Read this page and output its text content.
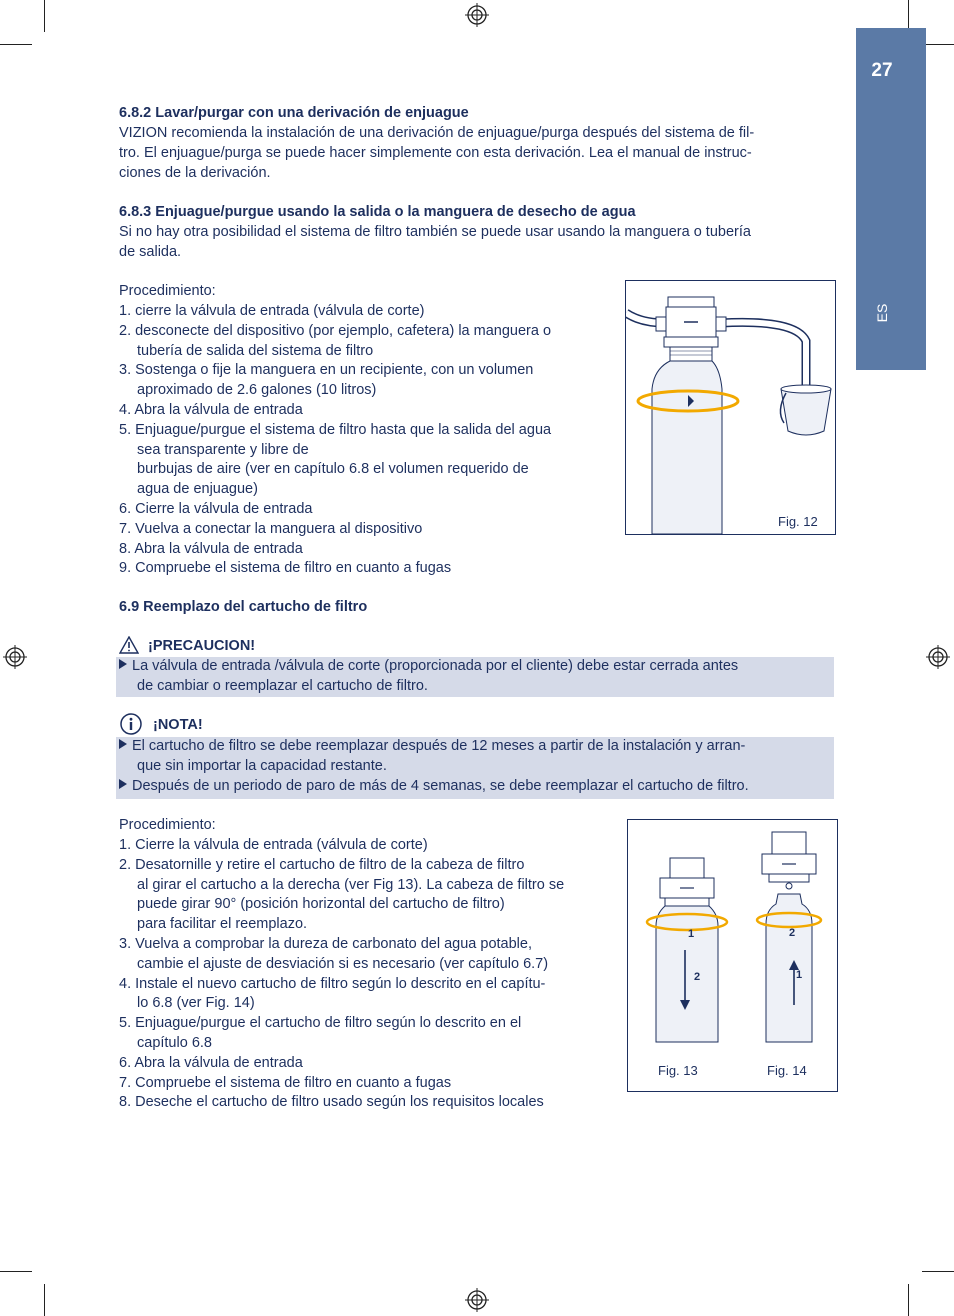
27
ES
6.8.2 Lavar/purgar con una derivación de enjuague
VIZION recomienda la instalación de una derivación de enjuague/purga después del sistema de fil-
tro. El enjuague/purga se puede hacer simplemente con esta derivación. Lea el manual de instruc-
ciones de la derivación.
6.8.3 Enjuague/purgue usando la salida o la manguera de desecho de agua
Si no hay otra posibilidad el sistema de filtro también se puede usar usando la manguera o tubería
de salida.
Procedimiento:
1. cierre la válvula de entrada (válvula de corte)
2. desconecte del dispositivo (por ejemplo, cafetera) la manguera o
tubería de salida del sistema de filtro
3. Sostenga o fije la manguera en un recipiente, con un volumen
aproximado de 2.6 galones (10 litros)
4. Abra la válvula de entrada
5. Enjuague/purgue el sistema de filtro hasta que la salida del agua
sea transparente y libre de
burbujas de aire (ver en capítulo 6.8 el volumen requerido de
agua de enjuague)
6. Cierre la válvula de entrada
7. Vuelva a conectar la manguera al dispositivo
8. Abra la válvula de entrada
9. Compruebe el sistema de filtro en cuanto a fugas
Fig. 12
6.9 Reemplazo del cartucho de filtro
¡PRECAUCION!
La válvula de entrada /válvula de corte (proporcionada por el cliente) debe estar cerrada antes
de cambiar o reemplazar el cartucho de filtro.
¡NOTA!
El cartucho de filtro se debe reemplazar después de 12 meses a partir de la instalación y arran-
que sin importar la capacidad restante.
Después de un periodo de paro de más de 4 semanas, se debe reemplazar el cartucho de filtro.
Procedimiento:
1. Cierre la válvula de entrada (válvula de corte)
2. Desatornille y retire el cartucho de filtro de la cabeza de filtro
al girar el cartucho a la derecha (ver Fig 13). La cabeza de filtro se
puede girar 90° (posición horizontal del cartucho de filtro)
para facilitar el reemplazo.
3. Vuelva a comprobar la dureza de carbonato del agua potable,
cambie el ajuste de desviación si es necesario (ver capítulo 6.7)
4. Instale el nuevo cartucho de filtro según lo descrito en el capítu-
lo 6.8 (ver Fig. 14)
5. Enjuague/purgue el cartucho de filtro según lo descrito en el
capítulo 6.8
6. Abra la válvula de entrada
7. Compruebe el sistema de filtro en cuanto a fugas
8. Deseche el cartucho de filtro usado según los requisitos locales
1
2
2
1
Fig. 13	Fig. 14
